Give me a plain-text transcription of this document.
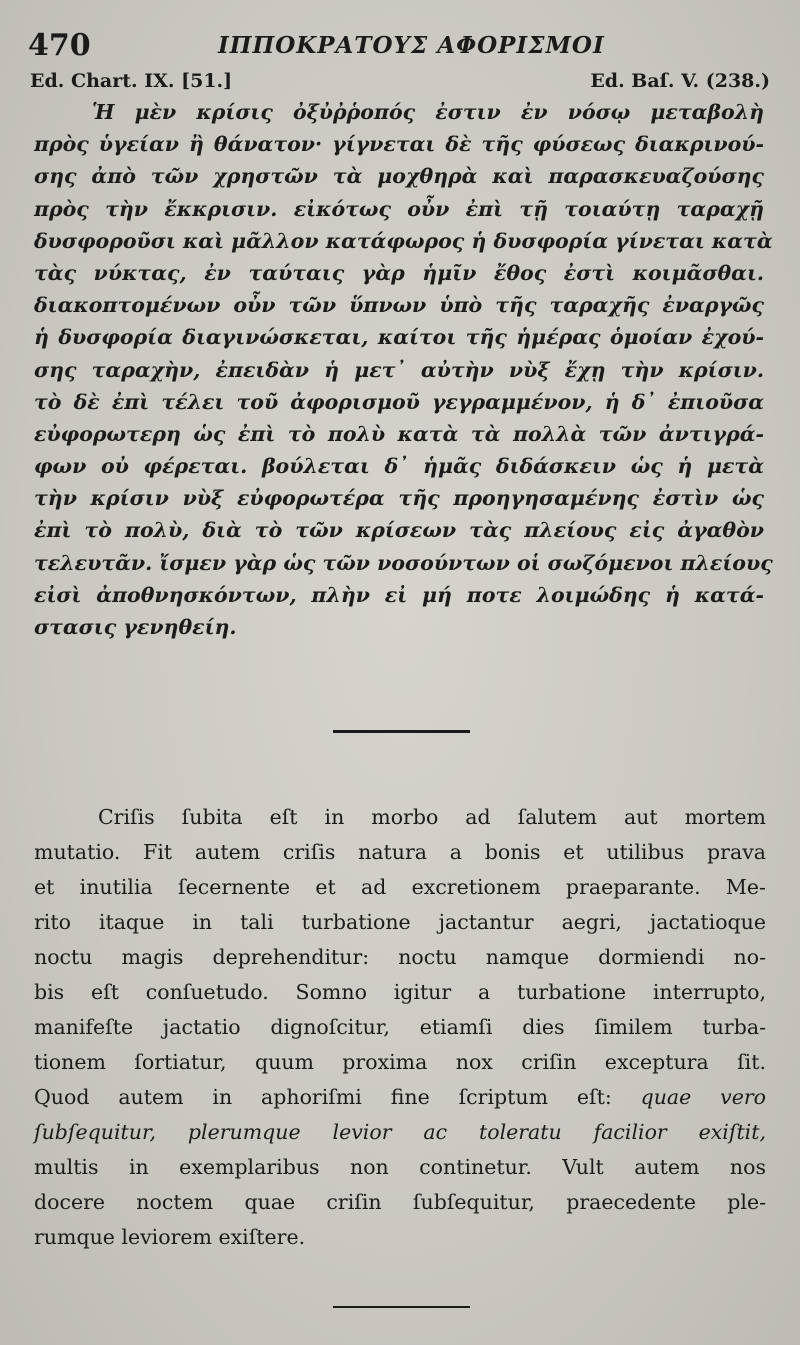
470	ΙΠΠΟΚΡΑΤΟΥΣ ΑΦΟΡΙΣΜΟΙ
Ed. Chart. IX. [51.]	Ed. Baſ. V. (238.)
Ἡ μὲν κρίσις ὀξὐῤῥοπός ἐστιν ἐν νόσῳ μεταβολὴ
πρὸς ὑγείαν ἢ θάνατον· γίγνεται δὲ τῆς φύσεως διακρινού-
σης ἀπὸ τῶν χρηστῶν τὰ μοχθηρὰ καὶ παρασκευαζούσης
πρὸς τὴν ἔκκρισιν. εἰκότως οὖν ἐπὶ τῇ τοιαύτῃ ταραχῇ
δυσφοροῦσι καὶ μᾶλλον κατάφωρος ἡ δυσφορία γίνεται κατὰ
τὰς νύκτας, ἐν ταύταις γὰρ ἡμῖν ἔθος ἐστὶ κοιμᾶσθαι.
διακοπτομένων οὖν τῶν ὕπνων ὑπὸ τῆς ταραχῆς ἐναργῶς
ἡ δυσφορία διαγινώσκεται, καίτοι τῆς ἡμέρας ὁμοίαν ἐχού-
σης ταραχὴν, ἐπειδὰν ἡ μετ᾽ αὐτὴν νὺξ ἔχῃ τὴν κρίσιν.
τὸ δὲ ἐπὶ τέλει τοῦ ἀφορισμοῦ γεγραμμένον, ἡ δ᾽ ἐπιοῦσα
εὐφορωτερη ὡς ἐπὶ τὸ πολὺ κατὰ τὰ πολλὰ τῶν ἀντιγρά-
φων οὐ φέρεται. βούλεται δ᾽ ἡμᾶς διδάσκειν ὡς ἡ μετὰ
τὴν κρίσιν νὺξ εὐφορωτέρα τῆς προηγησαμένης ἐστὶν ὡς
ἐπὶ τὸ πολὺ, διὰ τὸ τῶν κρίσεων τὰς πλείους εἰς ἀγαθὸν
τελευτᾶν. ἴσμεν γὰρ ὡς τῶν νοσούντων οἱ σωζόμενοι πλείους
εἰσὶ ἀποθνησκόντων, πλὴν εἰ μή ποτε λοιμώδης ἡ κατά-
στασις γενηθείη.
Criſis ſubita eſt in morbo ad ſalutem aut mortem
mutatio. Fit autem criſis natura a bonis et utilibus prava
et inutilia ſecernente et ad excretionem praeparante. Me-
rito itaque in tali turbatione jactantur aegri, jactatioque
noctu magis deprehenditur: noctu namque dormiendi no-
bis eſt conſuetudo. Somno igitur a turbatione interrupto,
manifeſte jactatio dignoſcitur, etiamſi dies ſimilem turba-
tionem ſortiatur, quum proxima nox criſin exceptura ſit.
Quod autem in aphoriſmi fine ſcriptum eſt: quae vero
ſubſequitur, plerumque levior ac toleratu facilior exiſtit,
multis in exemplaribus non continetur. Vult autem nos
docere noctem quae criſin ſubſequitur, praecedente ple-
rumque leviorem exiſtere.
